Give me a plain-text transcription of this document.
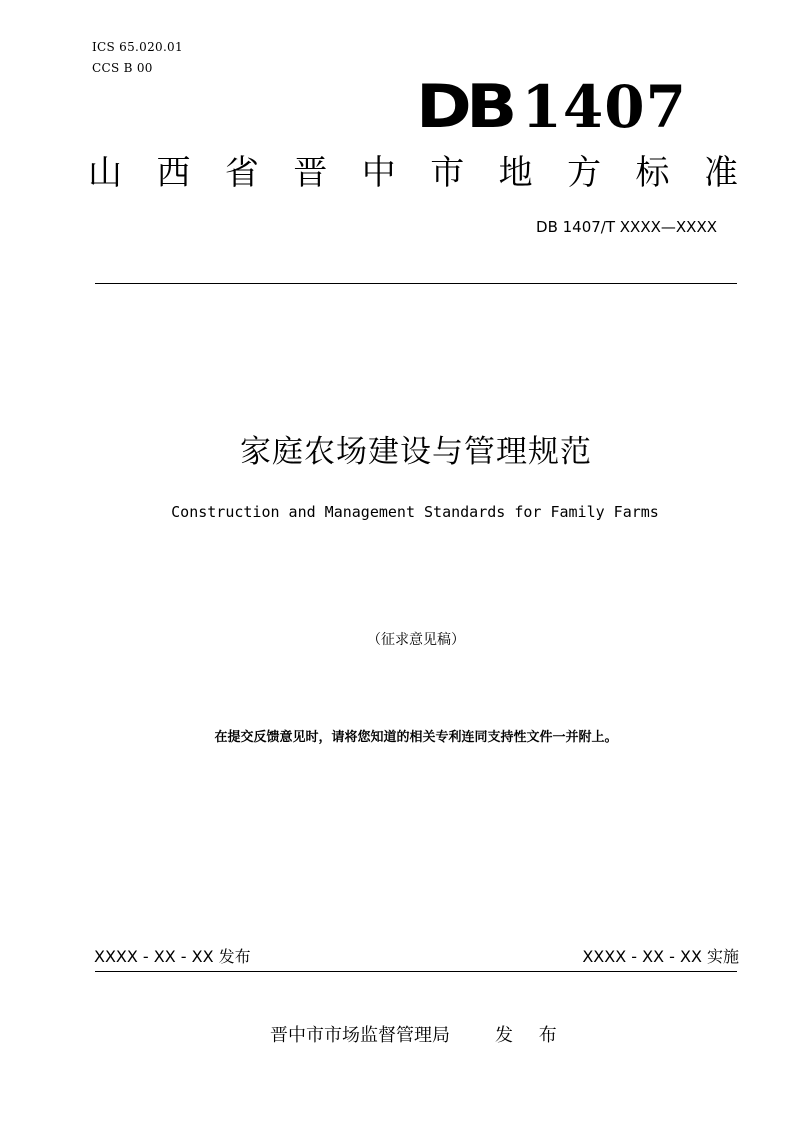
ICS 65.020.01
CCS B 00
DB 1407
山 西 省 晋 中 市 地 方 标 准
DB 1407/T XXXX—XXXX
家庭农场建设与管理规范
Construction and Management Standards for Family Farms
（征求意见稿）
在提交反馈意见时，请将您知道的相关专利连同支持性文件一并附上。
XXXX - XX - XX 发布	XXXX - XX - XX 实施
晋中市市场监督管理局	发 布
